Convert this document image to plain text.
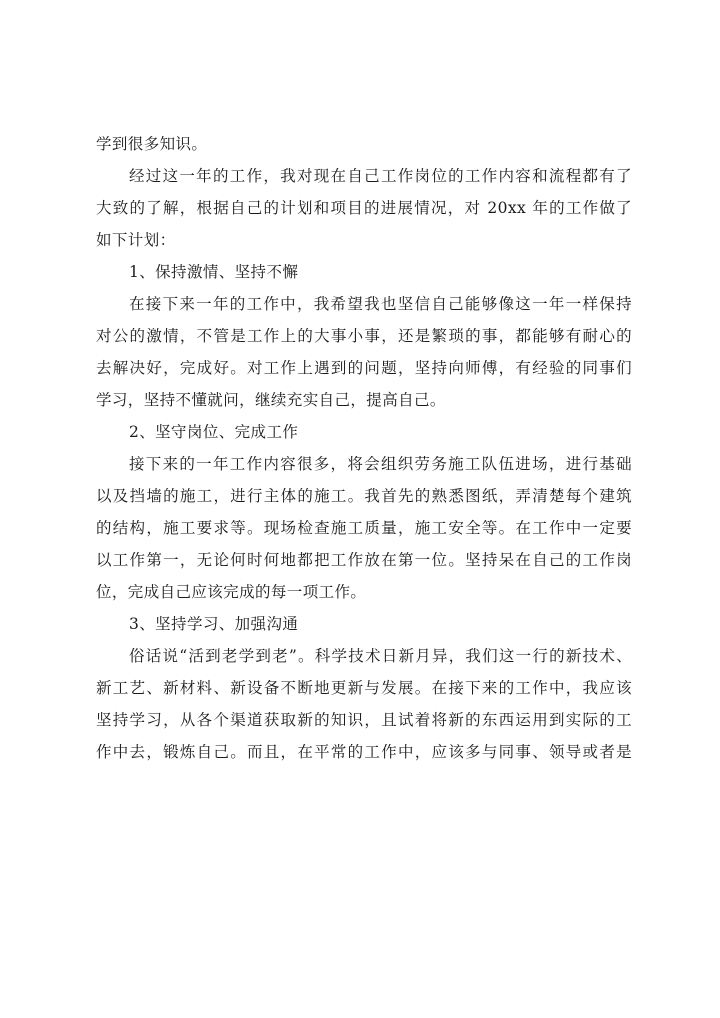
学到很多知识。
经过这一年的工作，我对现在自己工作岗位的工作内容和流程都有了
大致的了解，根据自己的计划和项目的进展情况，对 20xx 年的工作做了
如下计划：
1、保持激情、坚持不懈
在接下来一年的工作中，我希望我也坚信自己能够像这一年一样保持
对公的激情，不管是工作上的大事小事，还是繁琐的事，都能够有耐心的
去解决好，完成好。对工作上遇到的问题，坚持向师傅，有经验的同事们
学习，坚持不懂就问，继续充实自己，提高自己。
2、坚守岗位、完成工作
接下来的一年工作内容很多，将会组织劳务施工队伍进场，进行基础
以及挡墙的施工，进行主体的施工。我首先的熟悉图纸，弄清楚每个建筑
的结构，施工要求等。现场检查施工质量，施工安全等。在工作中一定要
以工作第一，无论何时何地都把工作放在第一位。坚持呆在自己的工作岗
位，完成自己应该完成的每一项工作。
3、坚持学习、加强沟通
俗话说“活到老学到老”。科学技术日新月异，我们这一行的新技术、
新工艺、新材料、新设备不断地更新与发展。在接下来的工作中，我应该
坚持学习，从各个渠道获取新的知识，且试着将新的东西运用到实际的工
作中去，锻炼自己。而且，在平常的工作中，应该多与同事、领导或者是
